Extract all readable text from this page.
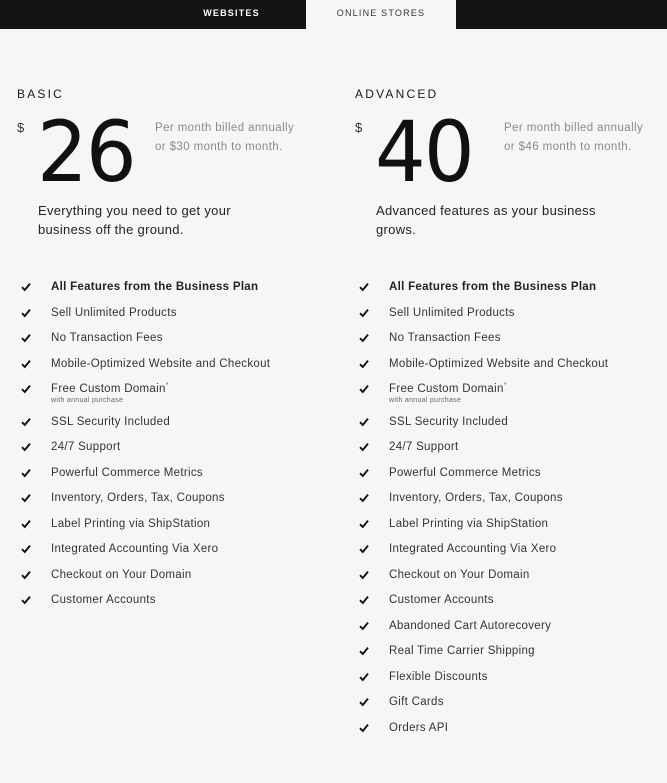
WEBSITES	ONLINE STORES
BASIC
$ 26 Per month billed annually or $30 month to month.
Everything you need to get your business off the ground.
ADVANCED
$ 40	Per month billed annually or $46 month to month.
Advanced features as your business grows.
All Features from the Business Plan
Sell Unlimited Products
No Transaction Fees
Mobile-Optimized Website and Checkout
Free Custom Domain*
with annual purchase
SSL Security Included
24/7 Support
Powerful Commerce Metrics
Inventory, Orders, Tax, Coupons
Label Printing via ShipStation
Integrated Accounting Via Xero
Checkout on Your Domain
Customer Accounts
All Features from the Business Plan
Sell Unlimited Products
No Transaction Fees
Mobile-Optimized Website and Checkout
Free Custom Domain*
with annual purchase
SSL Security Included
24/7 Support
Powerful Commerce Metrics
Inventory, Orders, Tax, Coupons
Label Printing via ShipStation
Integrated Accounting Via Xero
Checkout on Your Domain
Customer Accounts
Abandoned Cart Autorecovery
Real Time Carrier Shipping
Flexible Discounts
Gift Cards
Orders API
